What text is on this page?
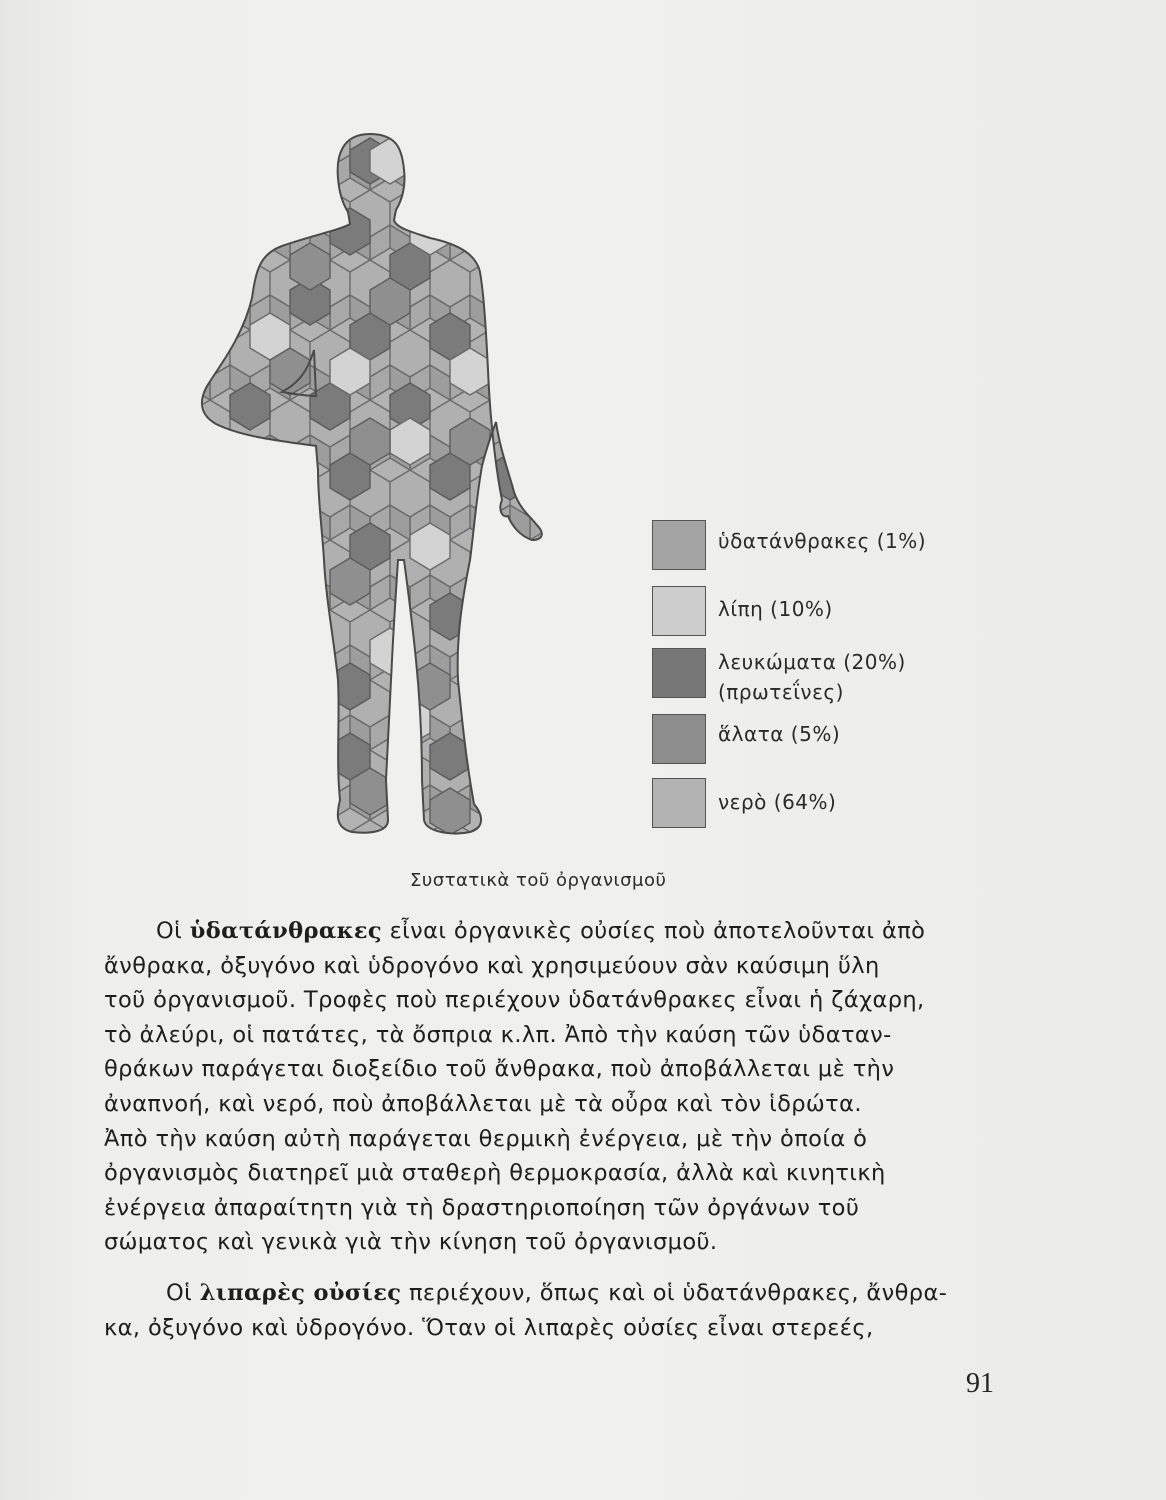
ὑδατάνθρακες (1%)
λίπη (10%)
λευκώματα (20%)
(πρωτεΐνες)
ἅλατα (5%)
νερὸ (64%)
Συστατικὰ τοῦ ὀργανισμοῦ
Οἱ ὑδατάνθρακες εἶναι ὀργανικὲς οὐσίες ποὺ ἀποτελοῦνται ἀπὸ
ἄνθρακα, ὀξυγόνο καὶ ὑδρογόνο καὶ χρησιμεύουν σὰν καύσιμη ὕλη
τοῦ ὀργανισμοῦ. Τροφὲς ποὺ περιέχουν ὑδατάνθρακες εἶναι ἡ ζάχαρη,
τὸ ἀλεύρι, οἱ πατάτες, τὰ ὄσπρια κ.λπ. Ἀπὸ τὴν καύση τῶν ὑδαταν-
θράκων παράγεται διοξείδιο τοῦ ἄνθρακα, ποὺ ἀποβάλλεται μὲ τὴν
ἀναπνοή, καὶ νερό, ποὺ ἀποβάλλεται μὲ τὰ οὖρα καὶ τὸν ἱδρώτα.
Ἀπὸ τὴν καύση αὐτὴ παράγεται θερμικὴ ἐνέργεια, μὲ τὴν ὁποία ὁ
ὀργανισμὸς διατηρεῖ μιὰ σταθερὴ θερμοκρασία, ἀλλὰ καὶ κινητικὴ
ἐνέργεια ἀπαραίτητη γιὰ τὴ δραστηριοποίηση τῶν ὀργάνων τοῦ
σώματος καὶ γενικὰ γιὰ τὴν κίνηση τοῦ ὀργανισμοῦ.
Οἱ λιπαρὲς οὐσίες περιέχουν, ὅπως καὶ οἱ ὑδατάνθρακες, ἄνθρα-
κα, ὀξυγόνο καὶ ὑδρογόνο. Ὅταν οἱ λιπαρὲς οὐσίες εἶναι στερεές,
91
